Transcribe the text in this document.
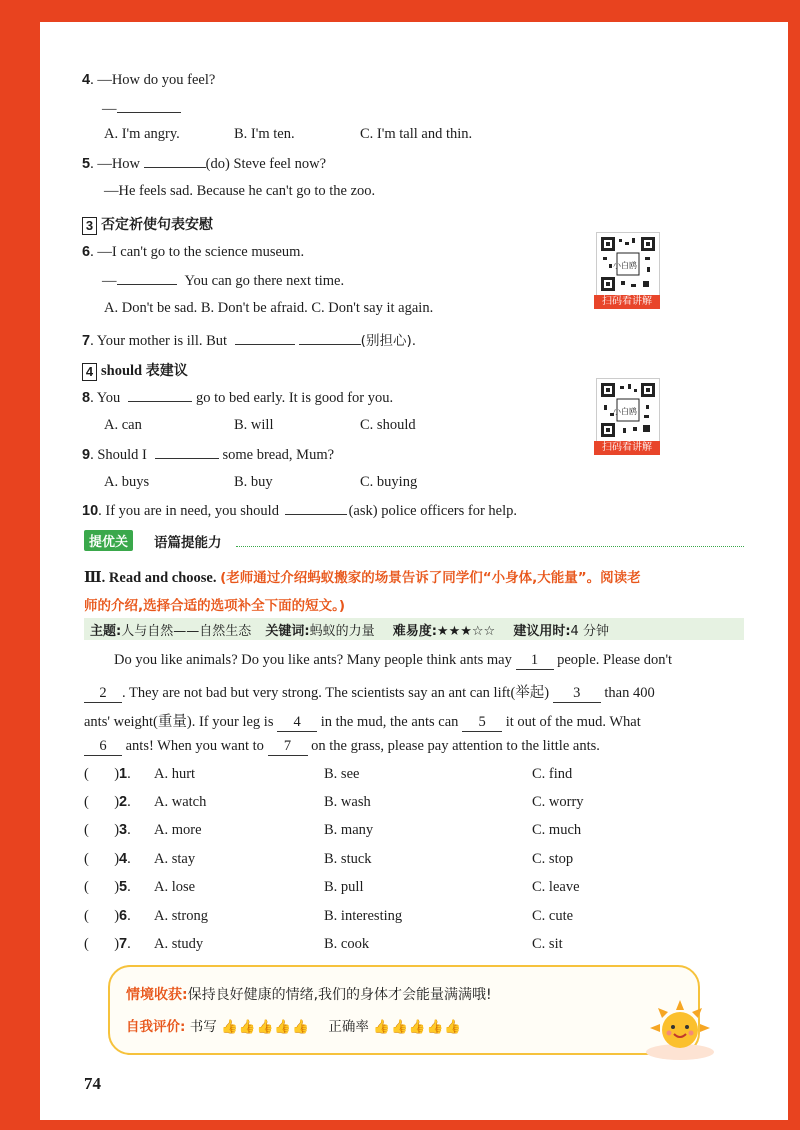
4. —How do you feel?
—
A. I'm angry.	B. I'm ten.	C. I'm tall and thin.
5. —How	(do) Steve feel now?
—He feels sad. Because he can't go to the zoo.
3 否定祈使句表安慰
6. —I can't go to the science museum.
—	You can go there next time.
A. Don't be sad. B. Don't be afraid. C. Don't say it again.
7. Your mother is ill. But	(别担心).
4 should 表建议
8. You	go to bed early. It is good for you.
A. can	B. will	C. should
9. Should I	some bread, Mum?
A. buys	B. buy	C. buying
10. If you are in need, you should	(ask) police officers for help.
小白鸥
扫码看讲解
小白鸥
扫码看讲解
提优关	语篇提能力
Ⅲ. Read and choose. (老师通过介绍蚂蚁搬家的场景告诉了同学们“小身体,大能量”。阅读老
师的介绍,选择合适的选项补全下面的短文。)
主题:人与自然——自然生态 关键词:蚂蚁的力量 难易度:★★★☆☆ 建议用时:4 分钟
Do you like animals? Do you like ants? Many people think ants may 1 people. Please don't
2 . They are not bad but very strong. The scientists say an ant can lift(举起) 3 than 400
ants' weight(重量). If your leg is 4 in the mud, the ants can 5 it out of the mud. What
6 ants! When you want to 7 on the grass, please pay attention to the little ants.
(       )1. A. hurt	B. see	C. find
(       )2. A. watch	B. wash	C. worry
(       )3. A. more	B. many	C. much
(       )4. A. stay	B. stuck	C. stop
(       )5. A. lose	B. pull	C. leave
(       )6. A. strong	B. interesting	C. cute
(       )7. A. study	B. cook	C. sit
情境收获:保持良好健康的情绪,我们的身体才会能量满满哦!
自我评价: 书写 👍👍👍👍👍 正确率 👍👍👍👍👍
74
